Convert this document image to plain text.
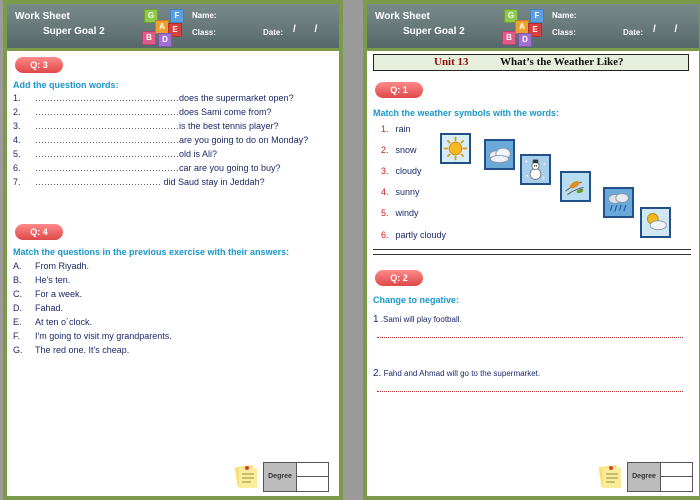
Work Sheet
Super Goal 2
G	F
B
A E
D
Name:
Class:	Date: / /
Q: 3
Add the question words:
1. …………………………………………does the supermarket open?
2. …………………………………………does Sami come from?
3. …………………………………………is the best tennis player?
4. …………………………………………are you going to do on Monday?
5. …………………………………………old is Ali?
6. …………………………………………car are you going to buy?
7. …………………………………… did Saud stay in Jeddah?
Q: 4
Match the questions in the previous exercise with their answers:
A. From Riyadh.
B. He's ten.
C. For a week.
D. Fahad.
E. At ten o´clock.
F. I'm going to visit my grandparents.
G. The red one. It's cheap.
Degree
Work Sheet
Super Goal 2
G	F
B
A E
D
Name:
Class:	Date: / /
Unit 13	What’s the Weather Like?
Q: 1
Match the weather symbols with the words:
1. rain
2. snow
3. cloudy
4. sunny
5. windy
6. partly cloudy
Q: 2
Change to negative:
1 .Sami will play football.
2. Fahd and Ahmad will go to the supermarket.
Degree
